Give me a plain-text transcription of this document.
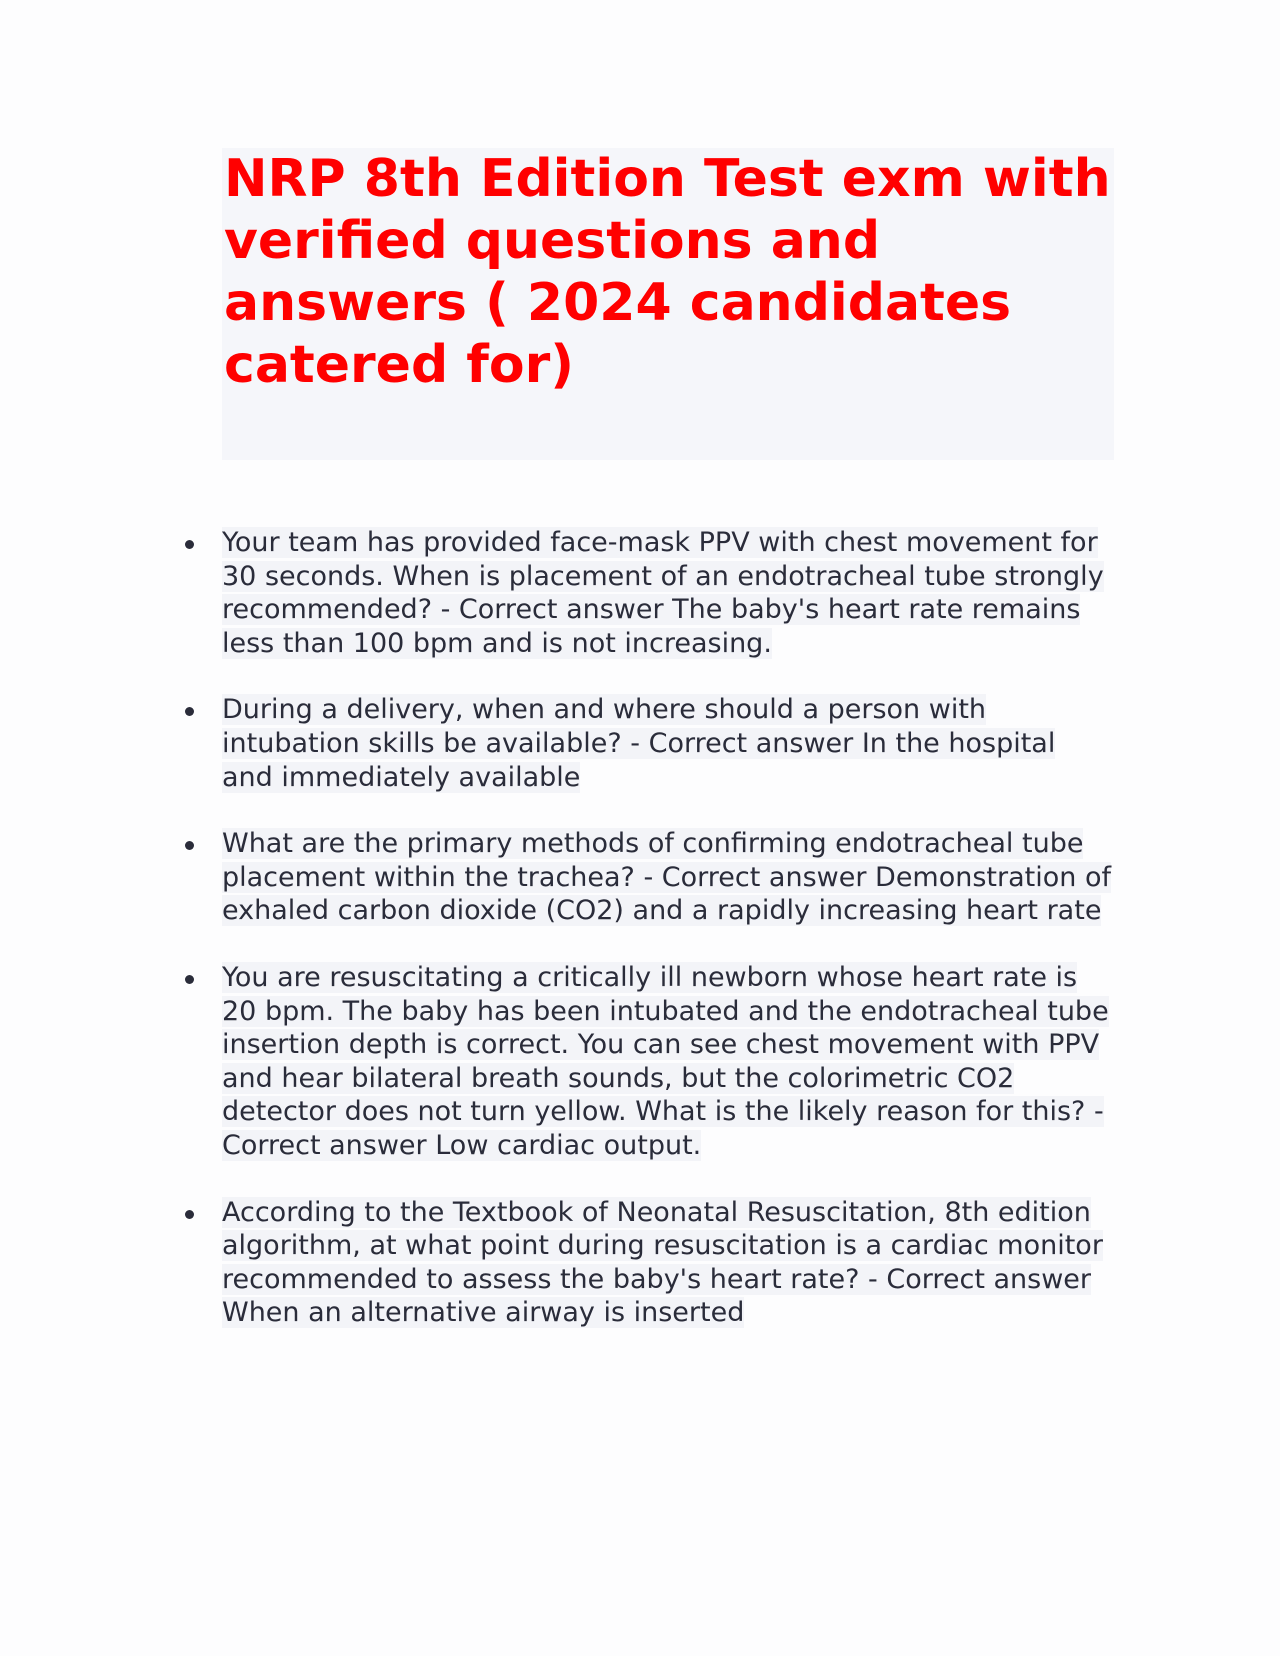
NRP 8th Edition Test exm with verified questions and answers ( 2024 candidates catered for)
Your team has provided face-mask PPV with chest movement for 30 seconds. When is placement of an endotracheal tube strongly recommended? - Correct answer The baby's heart rate remains less than 100 bpm and is not increasing.
During a delivery, when and where should a person with intubation skills be available? - Correct answer In the hospital and immediately available
What are the primary methods of confirming endotracheal tube placement within the trachea? - Correct answer Demonstration of exhaled carbon dioxide (CO2) and a rapidly increasing heart rate
You are resuscitating a critically ill newborn whose heart rate is 20 bpm. The baby has been intubated and the endotracheal tube insertion depth is correct. You can see chest movement with PPV and hear bilateral breath sounds, but the colorimetric CO2 detector does not turn yellow. What is the likely reason for this? - Correct answer Low cardiac output.
According to the Textbook of Neonatal Resuscitation, 8th edition algorithm, at what point during resuscitation is a cardiac monitor recommended to assess the baby's heart rate? - Correct answer When an alternative airway is inserted
